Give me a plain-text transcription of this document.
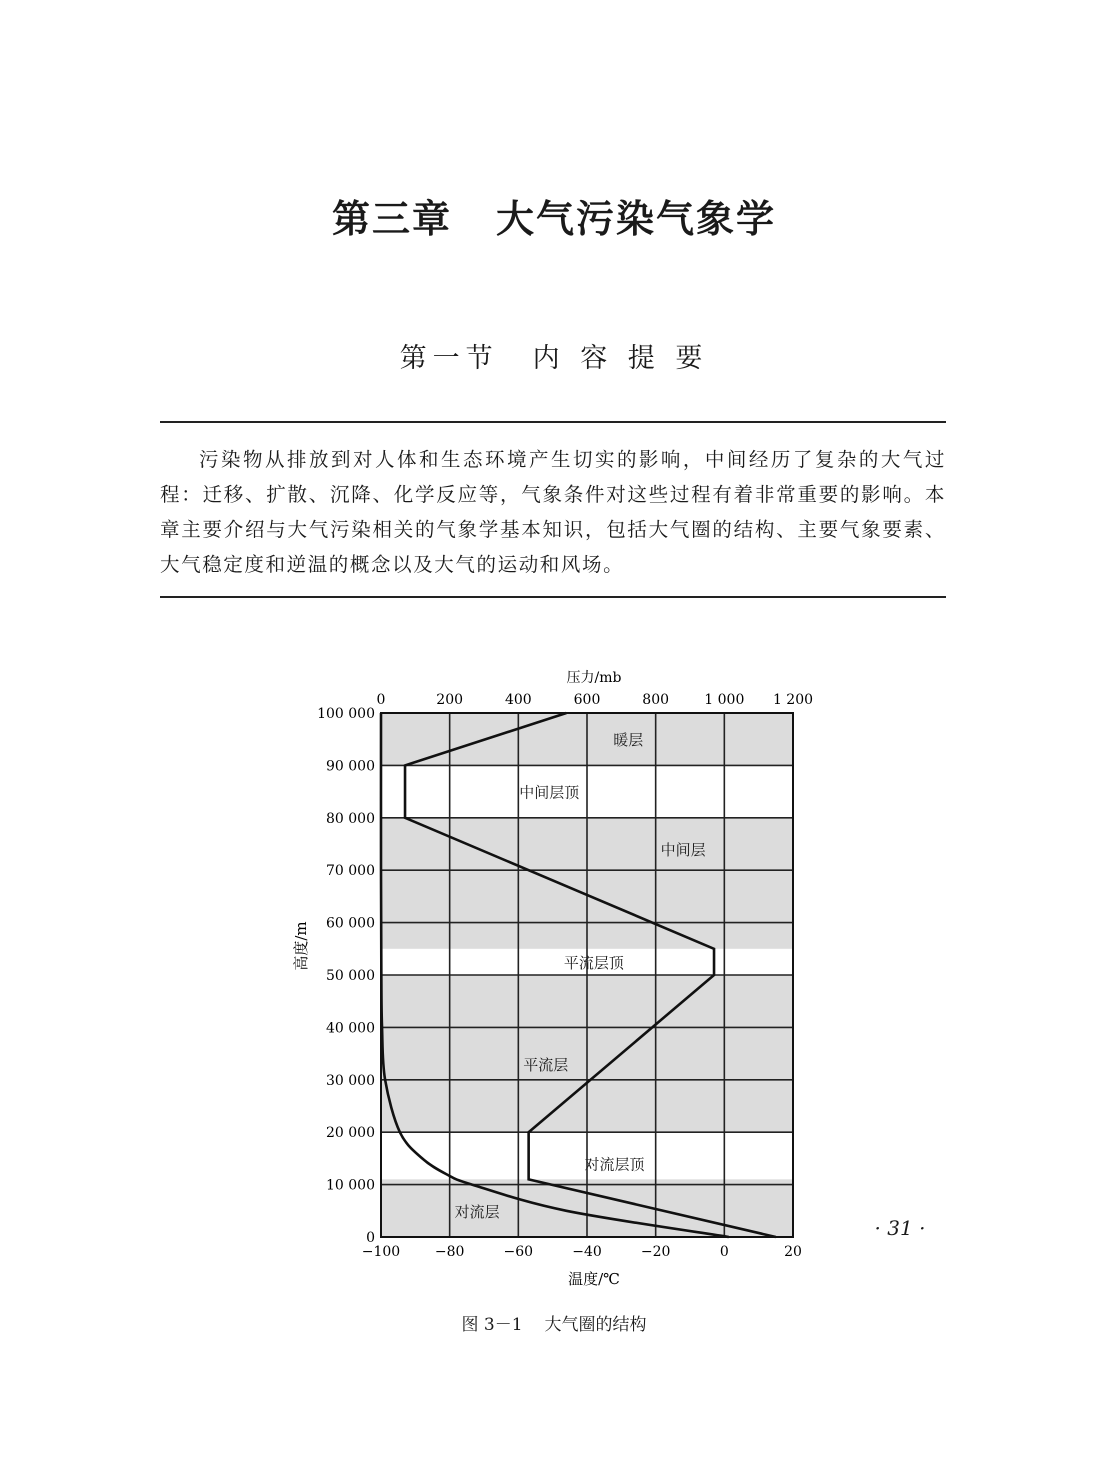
第三章 大气污染气象学
第一节 内 容 提 要

污染物从排放到对人体和生态环境产生切实的影响，中间经历了复杂的大气过程：迁移、扩散、沉降、化学反应等，气象条件对这些过程有着非常重要的影响。本章主要介绍与大气污染相关的气象学基本知识，包括大气圈的结构、主要气象要素、大气稳定度和逆温的概念以及大气的运动和风场。

暖层
中间层顶
中间层
平流层顶
平流层
对流层顶
对流层
−100 −80	−60	−40	−20	0	20
0	200	400	600	800	1 000 1 200
0
10 000
20 000
30 000
40 000
50 000
60 000
70 000
80 000
90 000
100 000
压力/mb
温度/℃
高度/m
图 3－1 大气圈的结构
· 31 ·
